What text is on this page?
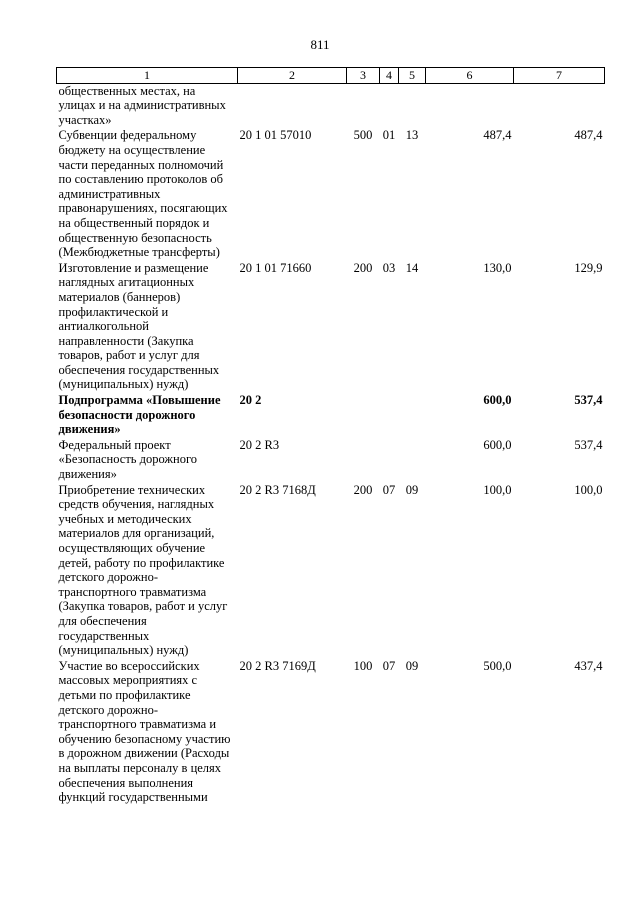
811
1	2	3	4	5	6	7
общественных местах, на улицах и на административных участках»						
Субвенции федеральному бюджету на осуществление части переданных полномочий по составлению протоколов об административных правонарушениях, посягающих на общественный порядок и общественную безопасность (Межбюджетные трансферты)	20 1 01 57010	500	01	13	487,4	487,4
Изготовление и размещение наглядных агитационных материалов (баннеров) профилактической и антиалкогольной направленности (Закупка товаров, работ и услуг для обеспечения государственных (муниципальных) нужд)	20 1 01 71660	200	03	14	130,0	129,9
Подпрограмма «Повышение безопасности дорожного движения»	20 2				600,0	537,4
Федеральный проект «Безопасность дорожного движения»	20 2 R3				600,0	537,4
Приобретение технических средств обучения, наглядных учебных и методических материалов для организаций, осуществляющих обучение детей, работу по профилактике детского дорожно-транспортного травматизма (Закупка товаров, работ и услуг для обеспечения государственных (муниципальных) нужд)	20 2 R3 7168Д	200	07	09	100,0	100,0
Участие во всероссийских массовых мероприятиях с детьми по профилактике детского дорожно-транспортного травматизма и обучению безопасному участию в дорожном движении (Расходы на выплаты персоналу в целях обеспечения выполнения функций государственными	20 2 R3 7169Д	100	07	09	500,0	437,4
